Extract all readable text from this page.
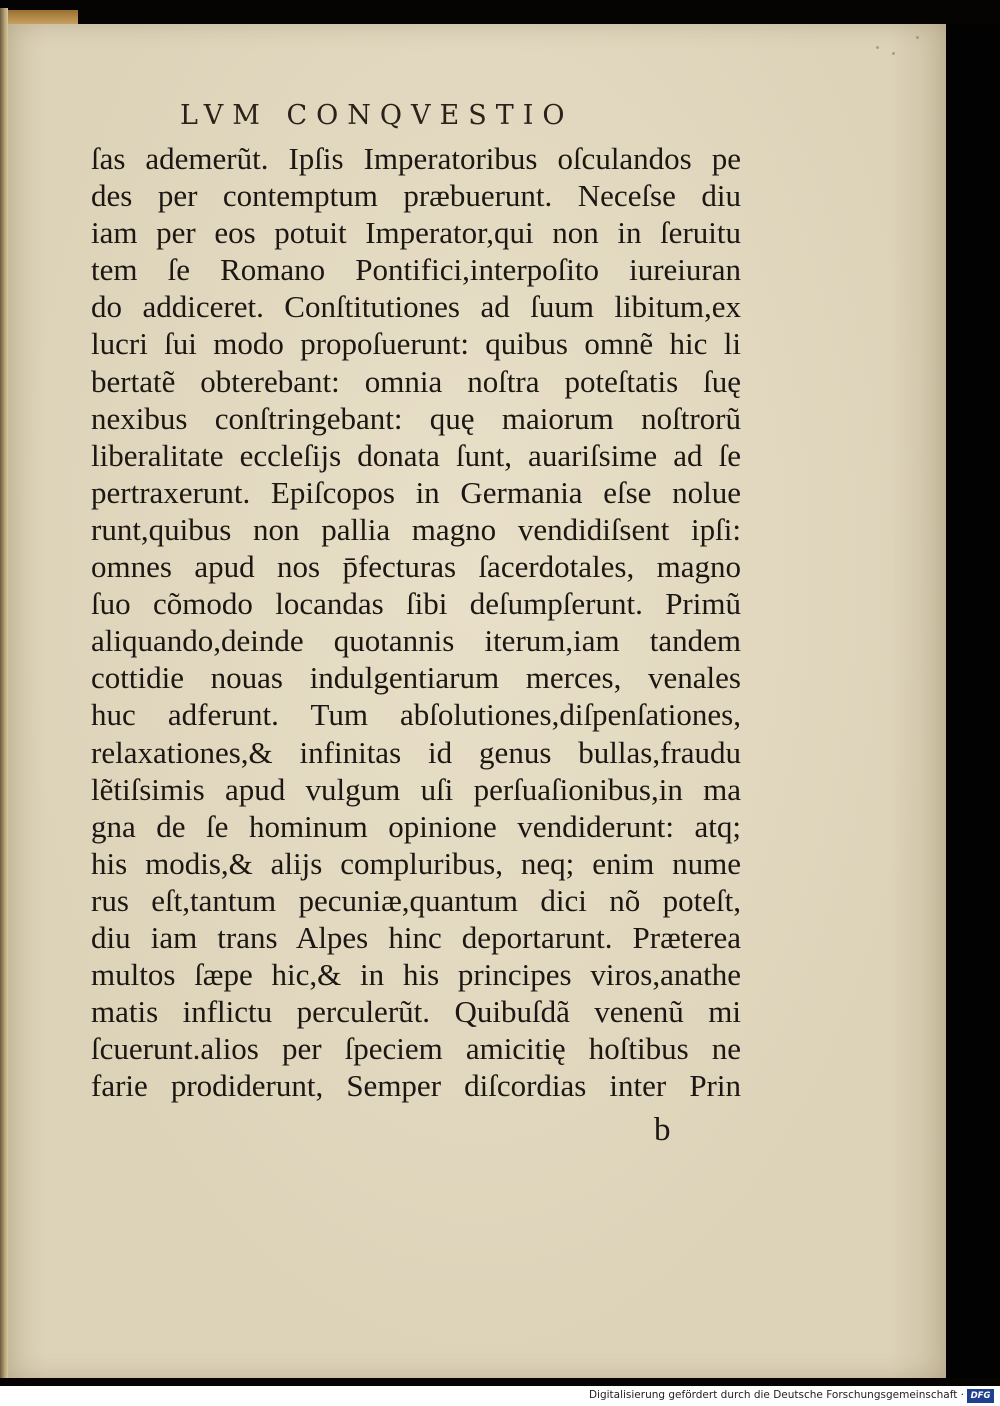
LVM CONQVESTIO
ſas ademerũt. Ipſis Imperatoribus oſculandos pe
des per contemptum præbuerunt. Neceſse diu
iam per eos potuit Imperator,qui non in ſeruitu
tem ſe Romano Pontifici,interpoſito iureiuran
do addiceret. Conſtitutiones ad ſuum libitum,ex
lucri ſui modo propoſuerunt: quibus omnẽ hic li
bertatẽ obterebant: omnia noſtra poteſtatis ſuę
nexibus conſtringebant: quę maiorum noſtrorũ
liberalitate eccleſijs donata ſunt, auariſsime ad ſe
pertraxerunt. Epiſcopos in Germania eſse nolue
runt,quibus non pallia magno vendidiſsent ipſi:
omnes apud nos p̄fecturas ſacerdotales, magno
ſuo cõmodo locandas ſibi deſumpſerunt. Primũ
aliquando,deinde quotannis iterum,iam tandem
cottidie nouas indulgentiarum merces, venales
huc adferunt. Tum abſolutiones,diſpenſationes,
relaxationes,& infinitas id genus bullas,fraudu
lẽtiſsimis apud vulgum uſi perſuaſionibus,in ma
gna de ſe hominum opinione vendiderunt: atq;
his modis,& alijs compluribus, neq; enim nume
rus eſt,tantum pecuniæ,quantum dici nõ poteſt,
diu iam trans Alpes hinc deportarunt. Præterea
multos ſæpe hic,& in his principes viros,anathe
matis inflictu perculerũt. Quibuſdã venenũ mi
ſcuerunt.alios per ſpeciem amicitię hoſtibus ne
farie prodiderunt, Semper diſcordias inter Prin
b
Digitalisierung gefördert durch die Deutsche Forschungsgemeinschaft · DFG
